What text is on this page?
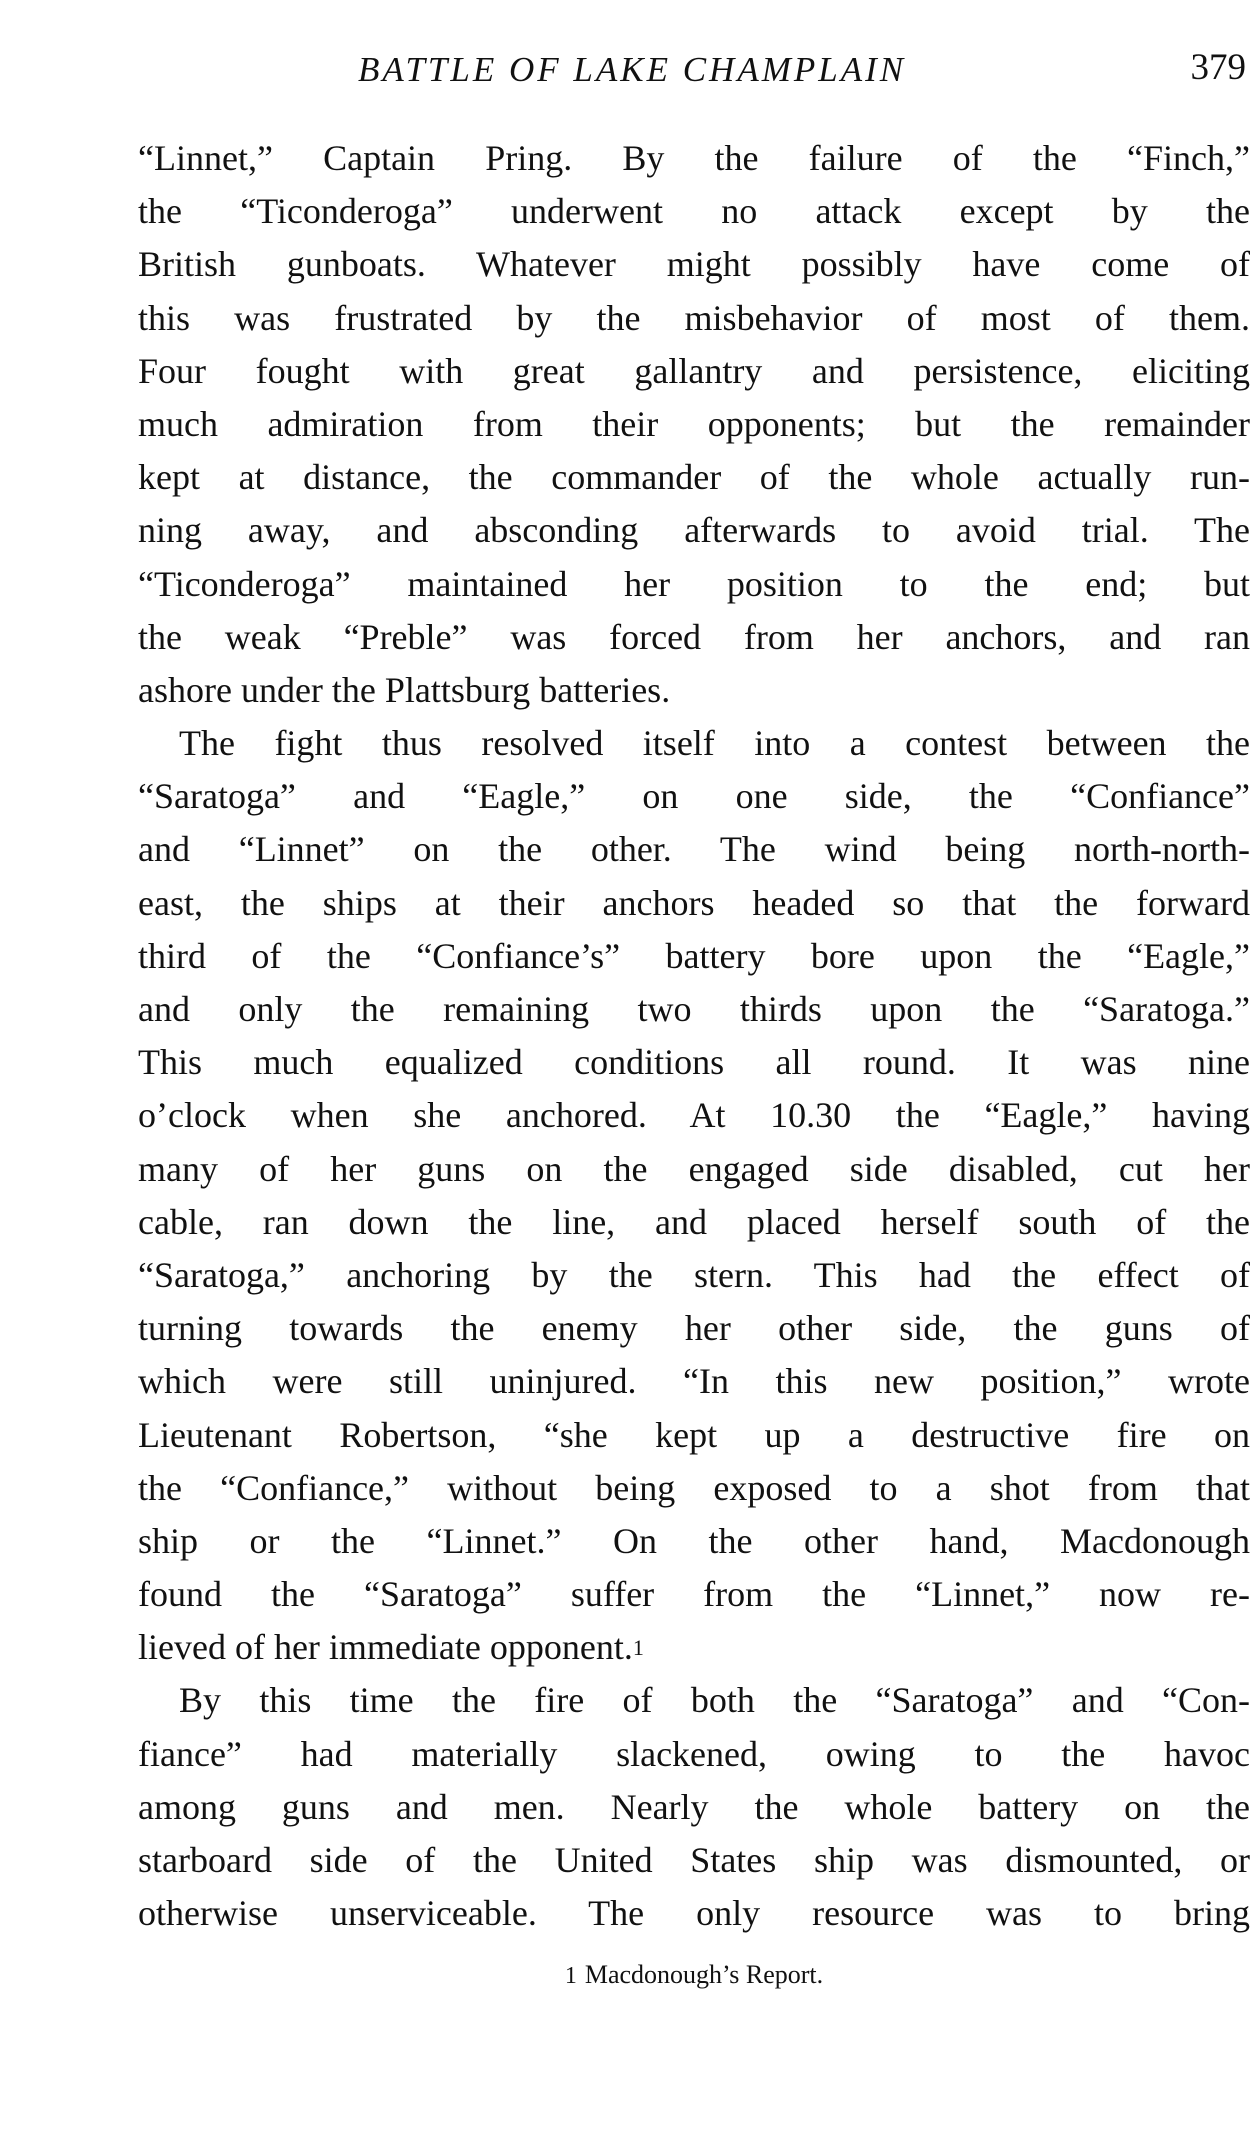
BATTLE OF LAKE CHAMPLAIN	379

“Linnet,” Captain Pring. By the failure of the “Finch,”
the “Ticonderoga” underwent no attack except by the
British gunboats. Whatever might possibly have come of
this was frustrated by the misbehavior of most of them.
Four fought with great gallantry and persistence, eliciting
much admiration from their opponents; but the remainder
kept at distance, the commander of the whole actually run-
ning away, and absconding afterwards to avoid trial. The
“Ticonderoga” maintained her position to the end; but
the weak “Preble” was forced from her anchors, and ran
ashore under the Plattsburg batteries.

The fight thus resolved itself into a contest between the
“Saratoga” and “Eagle,” on one side, the “Confiance”
and “Linnet” on the other. The wind being north-north-
east, the ships at their anchors headed so that the forward
third of the “Confiance’s” battery bore upon the “Eagle,”
and only the remaining two thirds upon the “Saratoga.”
This much equalized conditions all round. It was nine
o’clock when she anchored. At 10.30 the “Eagle,” having
many of her guns on the engaged side disabled, cut her
cable, ran down the line, and placed herself south of the
“Saratoga,” anchoring by the stern. This had the effect of
turning towards the enemy her other side, the guns of
which were still uninjured. “In this new position,” wrote
Lieutenant Robertson, “she kept up a destructive fire on
the “Confiance,” without being exposed to a shot from that
ship or the “Linnet.” On the other hand, Macdonough
found the “Saratoga” suffer from the “Linnet,” now re-
lieved of her immediate opponent.$^1$

By this time the fire of both the “Saratoga” and “Con-
fiance” had materially slackened, owing to the havoc
among guns and men. Nearly the whole battery on the
starboard side of the United States ship was dismounted, or
otherwise unserviceable. The only resource was to bring

1 Macdonough’s Report.
